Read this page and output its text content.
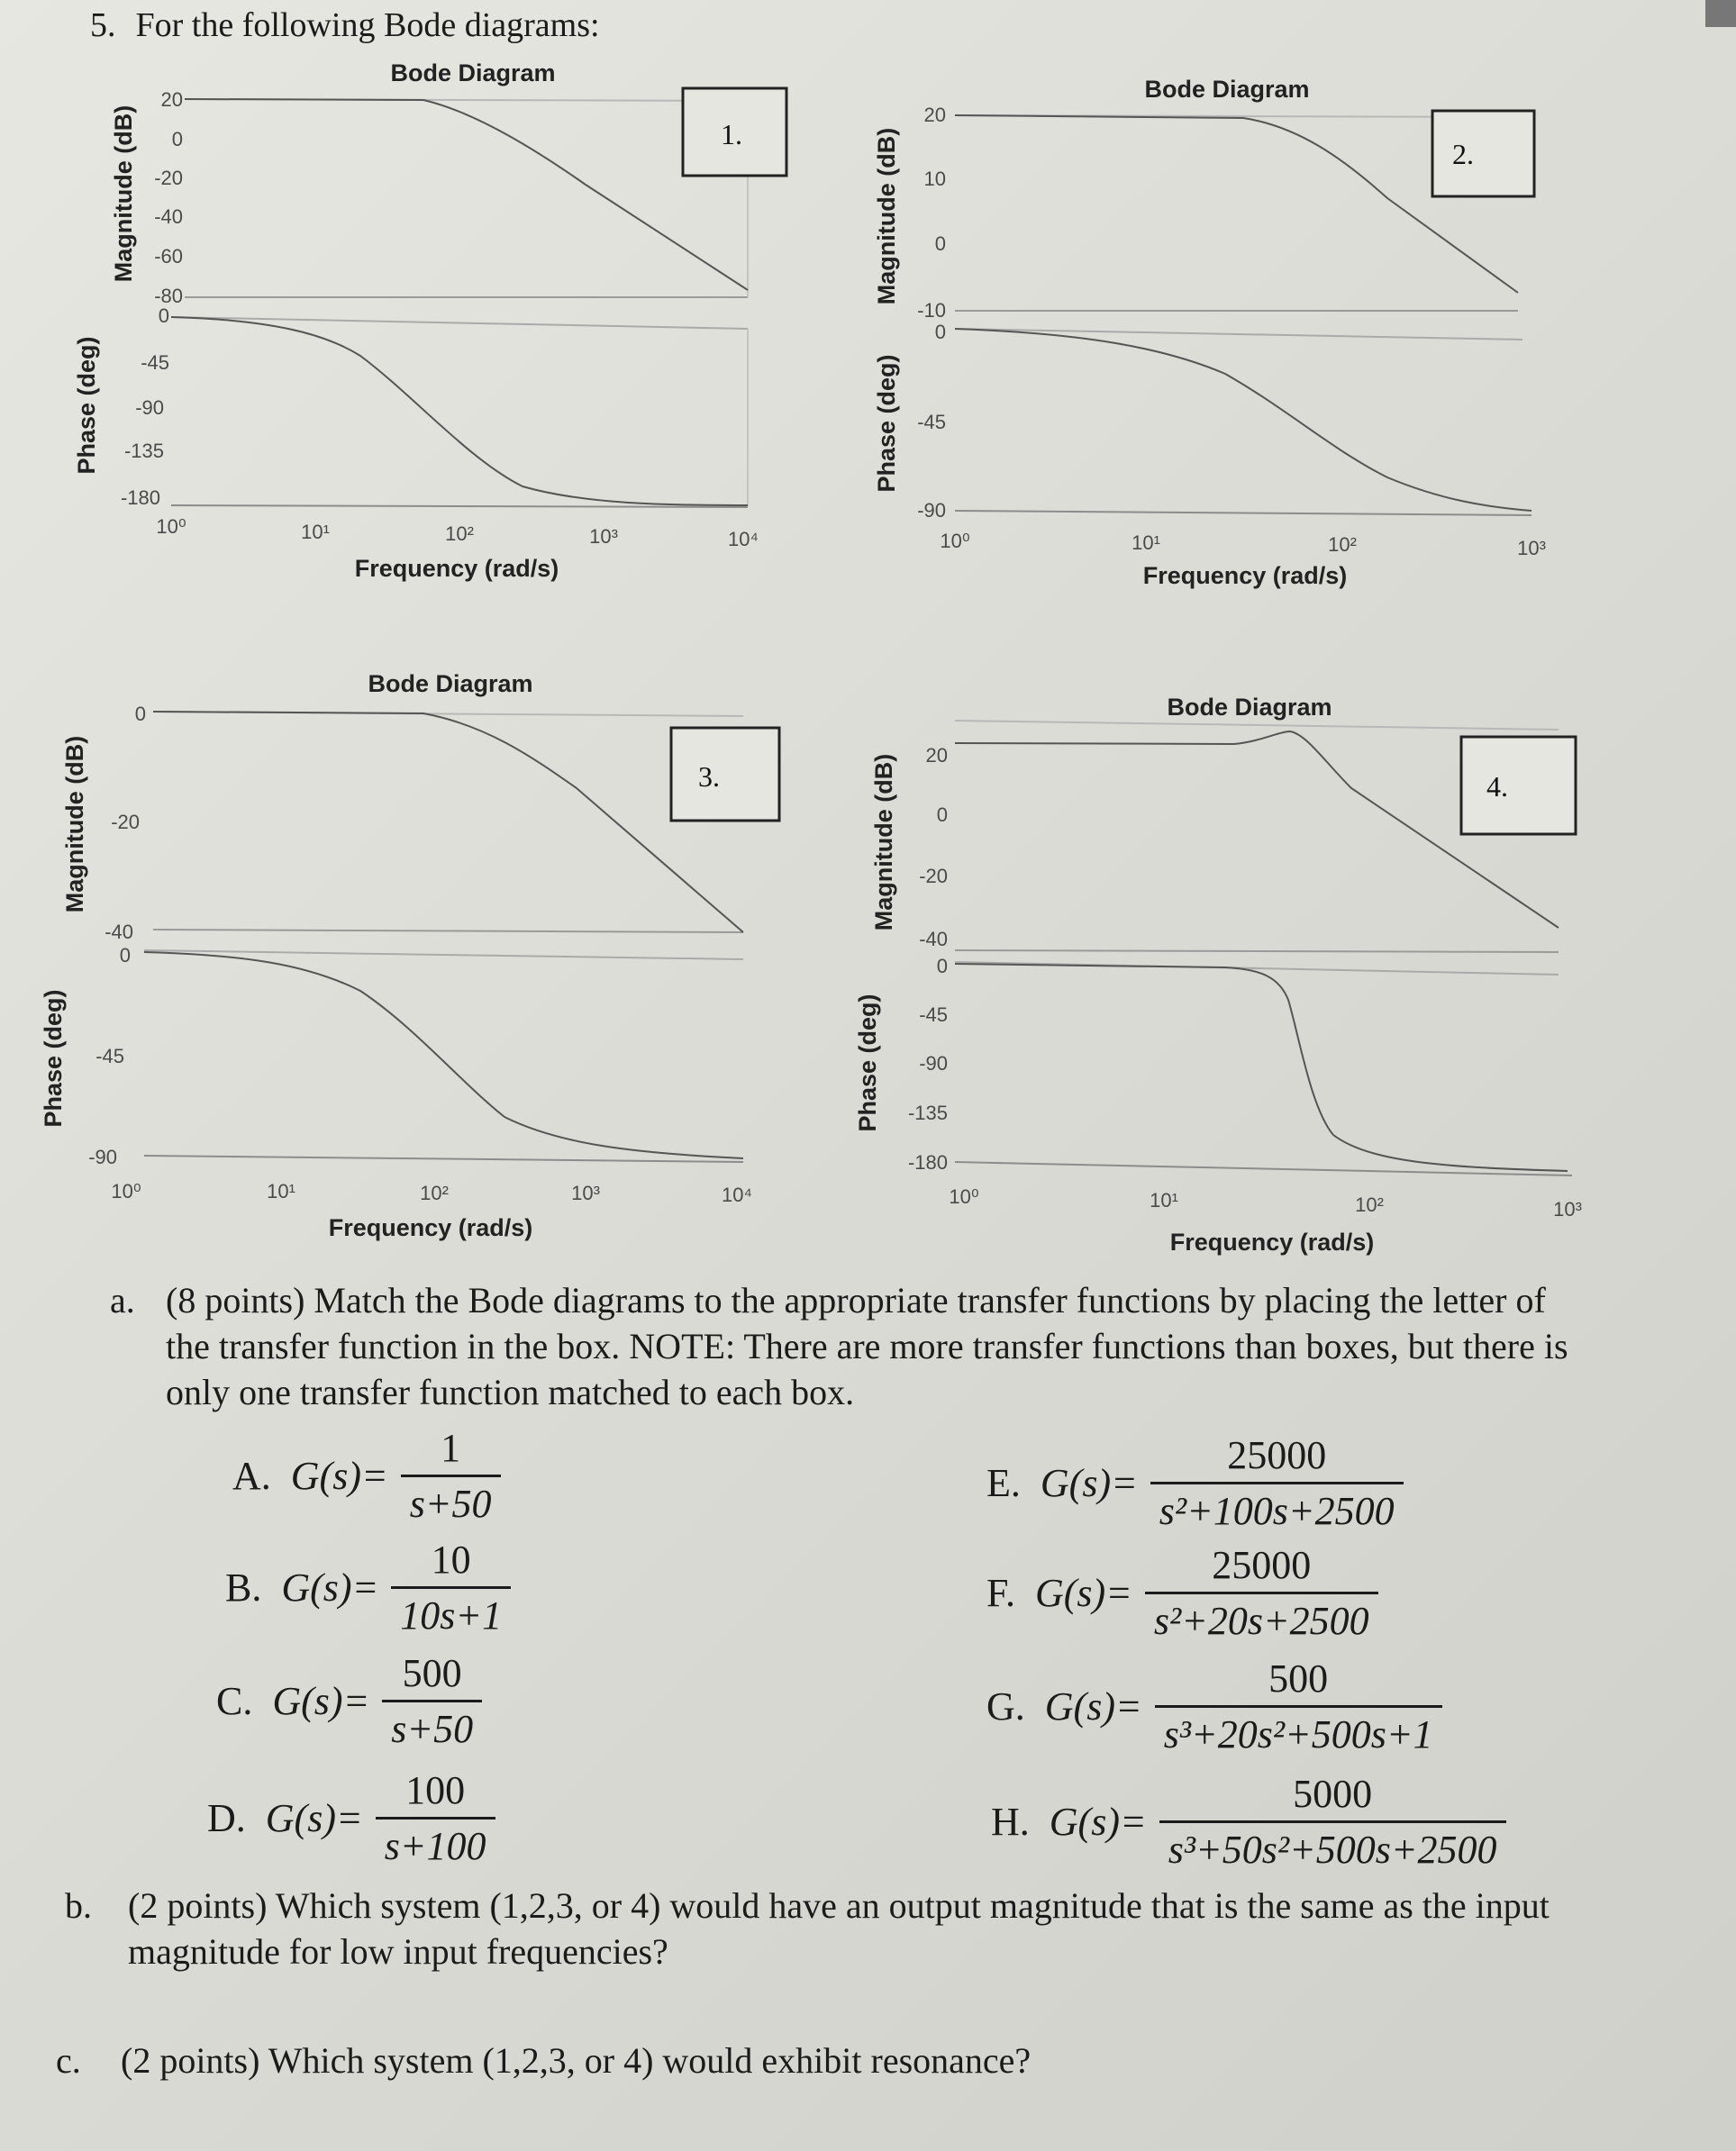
5. For the following Bode diagrams:
Bode Diagram
20
0
-20
-40
-60
-80
Magnitude (dB)	1.
0
-45
-90
-135
-180
Phase (deg)
10⁰	10¹	10²	10³	10⁴
Frequency (rad/s)
Bode Diagram
20
10
0
-10
Magnitude (dB)	2.
0
-45
-90
Phase (deg)
10⁰	10¹	10²	10³
Frequency (rad/s)
Bode Diagram
0
-20
-40
Magnitude (dB)	3.
0
-45
-90
Phase (deg)
10⁰	10¹	10²	10³	10⁴
Frequency (rad/s)
Bode Diagram
20
0
-20
-40
Magnitude (dB)	4.
0
-45
-90
-135
-180
Phase (deg)
10⁰	10¹	10²	10³
Frequency (rad/s)
a. (8 points) Match the Bode diagrams to the appropriate transfer functions by placing the letter of the transfer function in the box. NOTE: There are more transfer functions than boxes, but there is only one transfer function matched to each box.
A. $G(s)= \frac{1}{s+50}$
B. $G(s)= \frac{10}{10s+1}$
C. $G(s)= \frac{500}{s+50}$
D. $G(s)= \frac{100}{s+100}$
E. $G(s)= \frac{25000}{\text{s²+100s+2500}}$
F. $G(s)= \frac{25000}{\text{s²+20s+2500}}$
G. $G(s)= \frac{500}{\text{s³+20s²+500s+1}}$
H. $G(s)= \frac{5000}{\text{s³+50s²+500s+2500}}$
b. (2 points) Which system (1,2,3, or 4) would have an output magnitude that is the same as the input magnitude for low input frequencies?
c. (2 points) Which system (1,2,3, or 4) would exhibit resonance?
